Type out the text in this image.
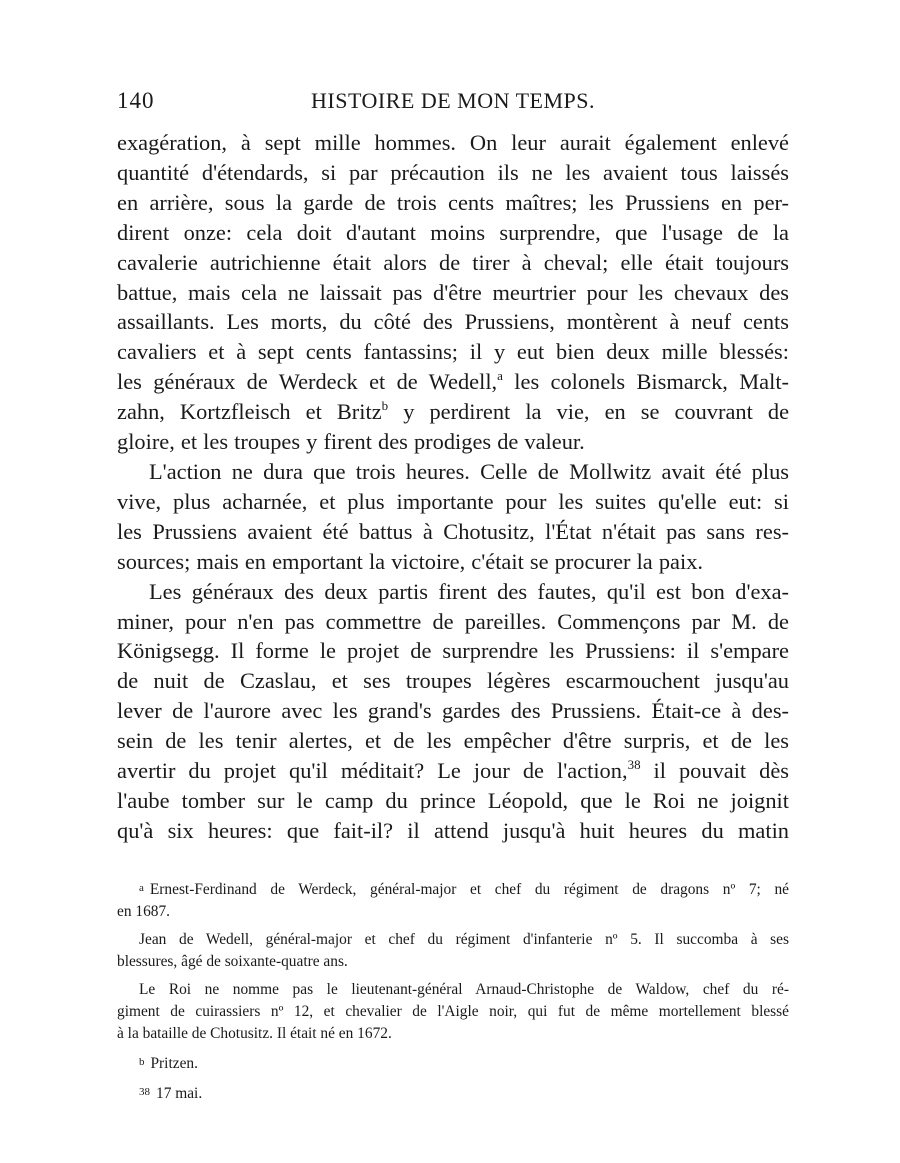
140	HISTOIRE DE MON TEMPS.

exagération, à sept mille hommes. On leur aurait également enlevé
quantité d'étendards, si par précaution ils ne les avaient tous laissés
en arrière, sous la garde de trois cents maîtres; les Prussiens en per-
dirent onze: cela doit d'autant moins surprendre, que l'usage de la
cavalerie autrichienne était alors de tirer à cheval; elle était toujours
battue, mais cela ne laissait pas d'être meurtrier pour les chevaux des
assaillants. Les morts, du côté des Prussiens, montèrent à neuf cents
cavaliers et à sept cents fantassins; il y eut bien deux mille blessés:
les généraux de Werdeck et de Wedell,$^a$ les colonels Bismarck, Malt-
zahn, Kortzfleisch et Britz$^b$ y perdirent la vie, en se couvrant de
gloire, et les troupes y firent des prodiges de valeur.

L'action ne dura que trois heures. Celle de Mollwitz avait été plus
vive, plus acharnée, et plus importante pour les suites qu'elle eut: si
les Prussiens avaient été battus à Chotusitz, l'État n'était pas sans res-
sources; mais en emportant la victoire, c'était se procurer la paix.

Les généraux des deux partis firent des fautes, qu'il est bon d'exa-
miner, pour n'en pas commettre de pareilles. Commençons par M. de
Königsegg. Il forme le projet de surprendre les Prussiens: il s'empare
de nuit de Czaslau, et ses troupes légères escarmouchent jusqu'au
lever de l'aurore avec les grand's gardes des Prussiens. Était-ce à des-
sein de les tenir alertes, et de les empêcher d'être surpris, et de les
avertir du projet qu'il méditait? Le jour de l'action,$^{38}$ il pouvait dès
l'aube tomber sur le camp du prince Léopold, que le Roi ne joignit
qu'à six heures: que fait-il? il attend jusqu'à huit heures du matin

a Ernest-Ferdinand de Werdeck, général-major et chef du régiment de dragons nº 7; né
en 1687.

Jean de Wedell, général-major et chef du régiment d'infanterie nº 5. Il succomba à ses
blessures, âgé de soixante-quatre ans.

Le Roi ne nomme pas le lieutenant-général Arnaud-Christophe de Waldow, chef du ré-
giment de cuirassiers nº 12, et chevalier de l'Aigle noir, qui fut de même mortellement blessé
à la bataille de Chotusitz. Il était né en 1672.

b Pritzen.

38 17 mai.
